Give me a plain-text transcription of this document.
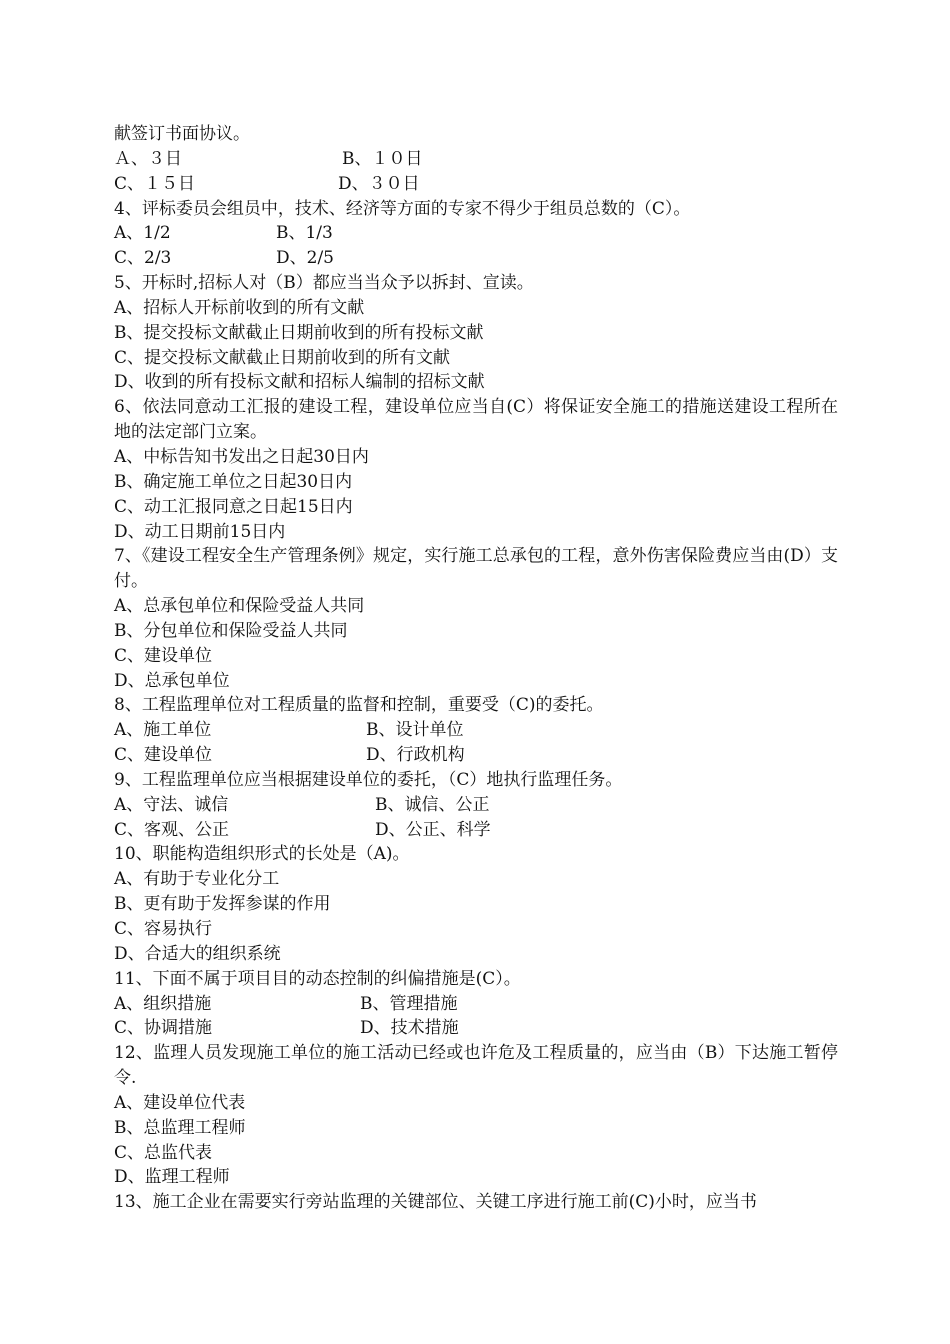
献签订书面协议。
Ａ、３日	B、１０日
C、１５日	D、３０日
4、评标委员会组员中，技术、经济等方面的专家不得少于组员总数的（C）。
A、1/2	B、1/3
C、2/3	D、2/5
5、开标时,招标人对（B）都应当当众予以拆封、宣读。
A、招标人开标前收到的所有文献
B、提交投标文献截止日期前收到的所有投标文献
C、提交投标文献截止日期前收到的所有文献
D、收到的所有投标文献和招标人编制的招标文献
6、依法同意动工汇报的建设工程，建设单位应当自(C）将保证安全施工的措施送建设工程所在地的法定部门立案。
A、中标告知书发出之日起30日内
B、确定施工单位之日起30日内
C、动工汇报同意之日起15日内
D、动工日期前15日内
7、《建设工程安全生产管理条例》规定，实行施工总承包的工程，意外伤害保险费应当由(D）支付。
A、总承包单位和保险受益人共同
B、分包单位和保险受益人共同
C、建设单位
D、总承包单位
8、工程监理单位对工程质量的监督和控制，重要受（C)的委托。
A、施工单位	B、设计单位
C、建设单位	D、行政机构
9、工程监理单位应当根据建设单位的委托，（C）地执行监理任务。
A、守法、诚信	B、诚信、公正
C、客观、公正	D、公正、科学
10、职能构造组织形式的长处是（A)。
A、有助于专业化分工
B、更有助于发挥参谋的作用
C、容易执行
D、合适大的组织系统
11、下面不属于项目目的动态控制的纠偏措施是(C）。
A、组织措施	B、管理措施
C、协调措施	D、技术措施
12、监理人员发现施工单位的施工活动已经或也许危及工程质量的，应当由（B）下达施工暂停令.
A、建设单位代表
B、总监理工程师
C、总监代表
D、监理工程师
13、施工企业在需要实行旁站监理的关键部位、关键工序进行施工前(C)小时，应当书
